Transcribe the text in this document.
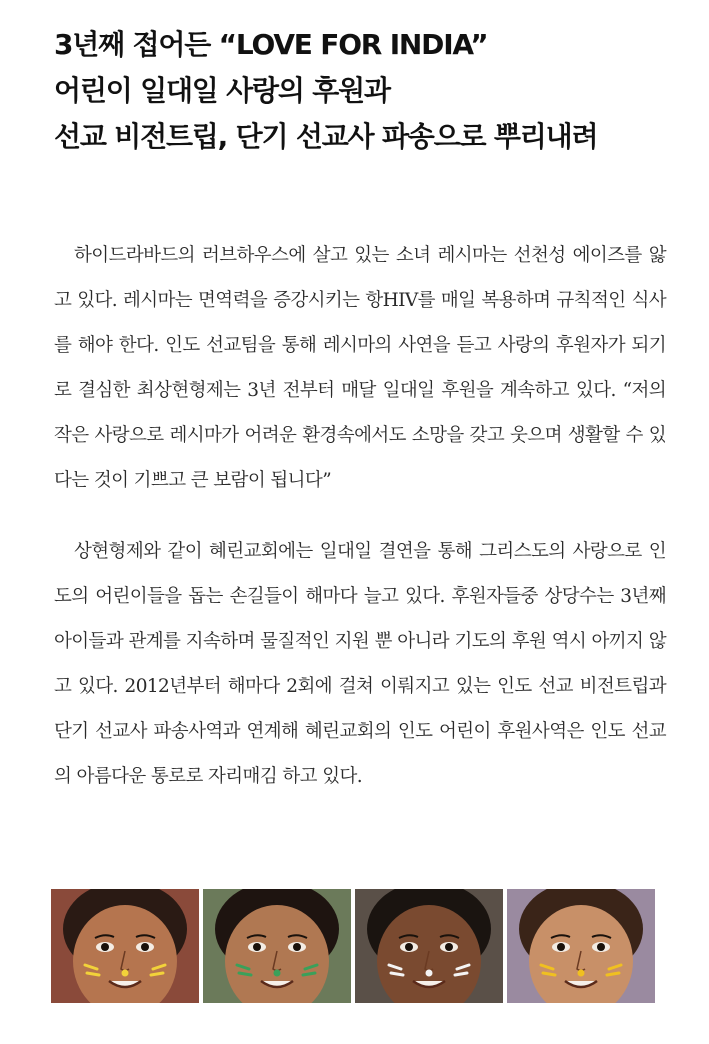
3년째 접어든 “LOVE FOR INDIA”
어린이 일대일 사랑의 후원과
선교 비전트립, 단기 선교사 파송으로 뿌리내려

하이드라바드의 러브하우스에 살고 있는 소녀 레시마는 선천성 에이즈를 앓고 있다. 레시마는 면역력을 증강시키는 항HIV를 매일 복용하며 규칙적인 식사를 해야 한다. 인도 선교팀을 통해 레시마의 사연을 듣고 사랑의 후원자가 되기로 결심한 최상현형제는 3년 전부터 매달 일대일 후원을 계속하고 있다. “저의 작은 사랑으로 레시마가 어려운 환경속에서도 소망을 갖고 웃으며 생활할 수 있다는 것이 기쁘고 큰 보람이 됩니다”

상현형제와 같이 혜린교회에는 일대일 결연을 통해 그리스도의 사랑으로 인도의 어린이들을 돕는 손길들이 해마다 늘고 있다. 후원자들중 상당수는 3년째 아이들과 관계를 지속하며 물질적인 지원 뿐 아니라 기도의 후원 역시 아끼지 않고 있다. 2012년부터 해마다 2회에 걸쳐 이뤄지고 있는 인도 선교 비전트립과 단기 선교사 파송사역과 연계해 혜린교회의 인도 어린이 후원사역은 인도 선교의 아름다운 통로로 자리매김 하고 있다.
